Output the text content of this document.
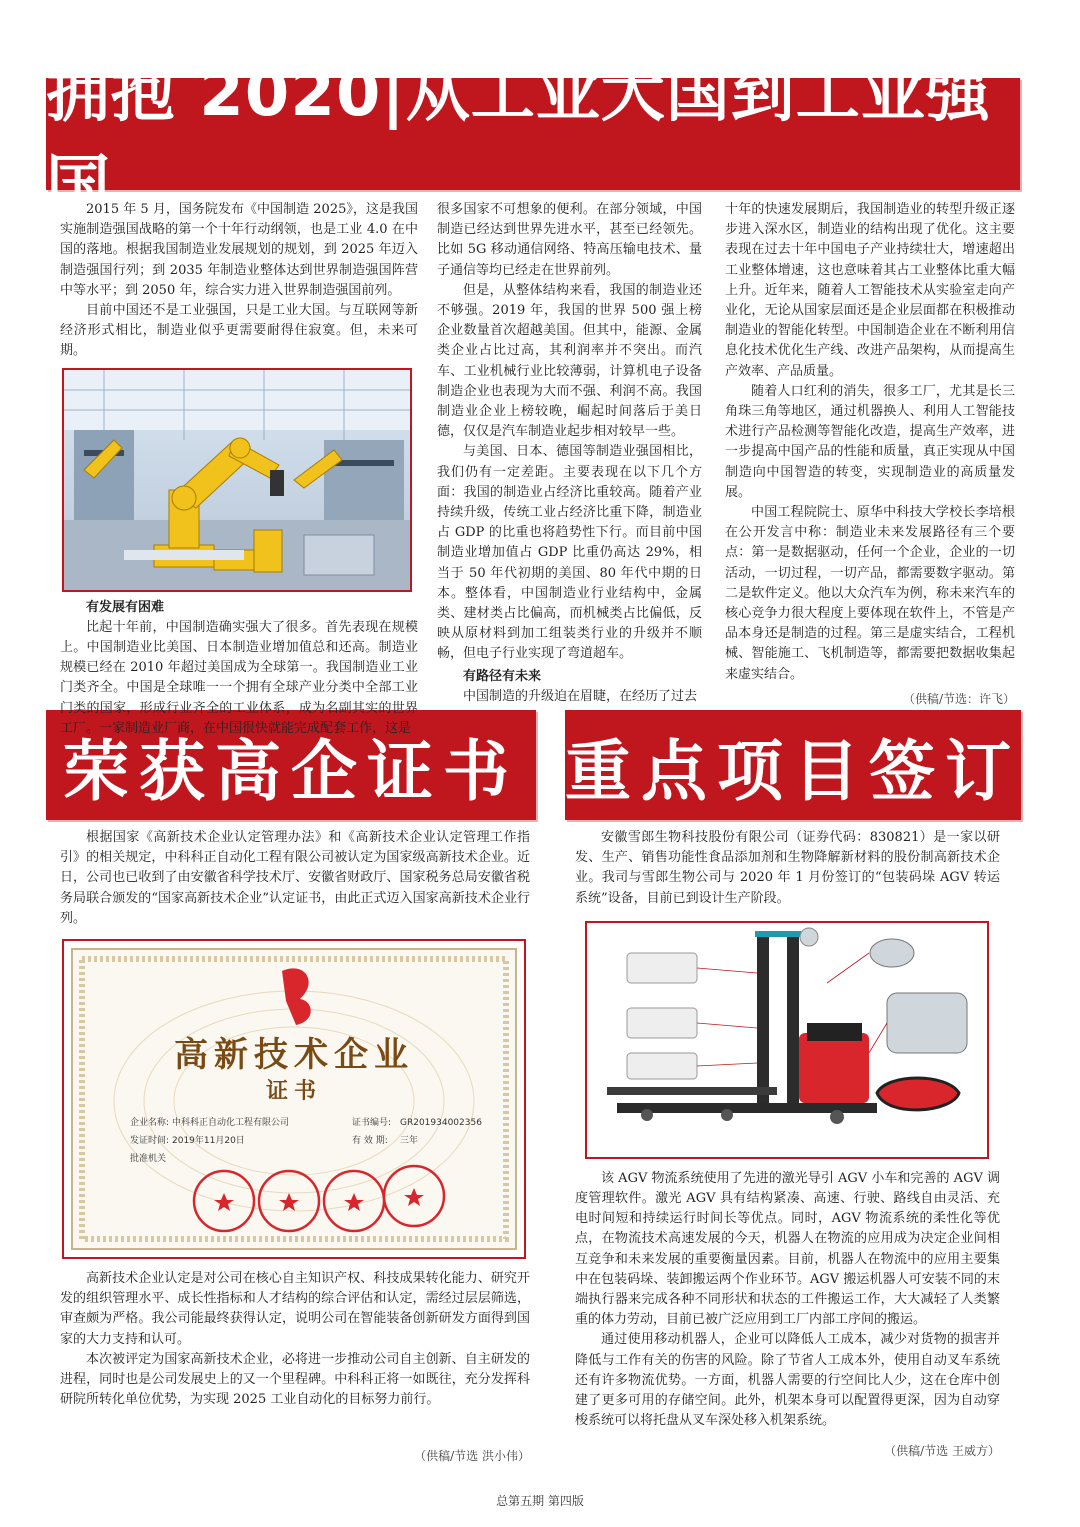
拥抱 2020|从工业大国到工业强国
荣获高企证书 重点项目签订

2015 年 5 月，国务院发布《中国制造 2025》，这是我国实施制造强国战略的第一个十年行动纲领，也是工业 4.0 在中国的落地。根据我国制造业发展规划的规划，到 2025 年迈入制造强国行列；到 2035 年制造业整体达到世界制造强国阵营中等水平；到 2050 年，综合实力进入世界制造强国前列。

目前中国还不是工业强国，只是工业大国。与互联网等新经济形式相比，制造业似乎更需要耐得住寂寞。但，未来可期。

有发展有困难

比起十年前，中国制造确实强大了很多。首先表现在规模上。中国制造业比美国、日本制造业增加值总和还高。制造业规模已经在 2010 年超过美国成为全球第一。我国制造业工业门类齐全。中国是全球唯一一个拥有全球产业分类中全部工业门类的国家，形成行业齐全的工业体系，成为名副其实的世界工厂。一家制造业厂商，在中国很快就能完成配套工作，这是

很多国家不可想象的便利。在部分领域，中国制造已经达到世界先进水平，甚至已经领先。比如 5G 移动通信网络、特高压输电技术、量子通信等均已经走在世界前列。

但是，从整体结构来看，我国的制造业还不够强。2019 年，我国的世界 500 强上榜企业数量首次超越美国。但其中，能源、金属类企业占比过高，其利润率并不突出。而汽车、工业机械行业比较薄弱，计算机电子设备制造企业也表现为大而不强、利润不高。我国制造业企业上榜较晚，崛起时间落后于美日德，仅仅是汽车制造业起步相对较早一些。

与美国、日本、德国等制造业强国相比，我们仍有一定差距。主要表现在以下几个方面：我国的制造业占经济比重较高。随着产业持续升级，传统工业占经济比重下降，制造业占 GDP 的比重也将趋势性下行。而目前中国制造业增加值占 GDP 比重仍高达 29%，相当于 50 年代初期的美国、80 年代中期的日本。整体看，中国制造业行业结构中，金属类、建材类占比偏高，而机械类占比偏低，反映从原材料到加工组装类行业的升级并不顺畅，但电子行业实现了弯道超车。

有路径有未来

中国制造的升级迫在眉睫，在经历了过去

十年的快速发展期后，我国制造业的转型升级正逐步进入深水区，制造业的结构出现了优化。这主要表现在过去十年中国电子产业持续壮大，增速超出工业整体增速，这也意味着其占工业整体比重大幅上升。近年来，随着人工智能技术从实验室走向产业化，无论从国家层面还是企业层面都在积极推动制造业的智能化转型。中国制造企业在不断利用信息化技术优化生产线、改进产品架构，从而提高生产效率、产品质量。

随着人口红利的消失，很多工厂，尤其是长三角珠三角等地区，通过机器换人、利用人工智能技术进行产品检测等智能化改造，提高生产效率，进一步提高中国产品的性能和质量，真正实现从中国制造向中国智造的转变，实现制造业的高质量发展。

中国工程院院士、原华中科技大学校长李培根在公开发言中称：制造业未来发展路径有三个要点：第一是数据驱动，任何一个企业，企业的一切活动，一切过程，一切产品，都需要数字驱动。第二是软件定义。他以大众汽车为例，称未来汽车的核心竞争力很大程度上要体现在软件上，不管是产品本身还是制造的过程。第三是虚实结合，工程机械、智能施工、飞机制造等，都需要把数据收集起来虚实结合。

（供稿/节选：许飞）

根据国家《高新技术企业认定管理办法》和《高新技术企业认定管理工作指引》的相关规定，中科科正自动化工程有限公司被认定为国家级高新技术企业。近日，公司也已收到了由安徽省科学技术厅、安徽省财政厅、国家税务总局安徽省税务局联合颁发的“国家高新技术企业”认定证书，由此正式迈入国家高新技术企业行列。

高新技术企业
证书
企业名称: 中科科正自动化工程有限公司	证书编号: GR201934002356
发证时间: 2019年11月20日	有 效 期: 三年
批准机关

高新技术企业认定是对公司在核心自主知识产权、科技成果转化能力、研究开发的组织管理水平、成长性指标和人才结构的综合评估和认定，需经过层层筛选，审查颇为严格。我公司能最终获得认定，说明公司在智能装备创新研发方面得到国家的大力支持和认可。

本次被评定为国家高新技术企业，必将进一步推动公司自主创新、自主研发的进程，同时也是公司发展史上的又一个里程碑。中科科正将一如既往，充分发挥科研院所转化单位优势，为实现 2025 工业自动化的目标努力前行。

（供稿/节选 洪小伟）

安徽雪郎生物科技股份有限公司（证券代码：830821）是一家以研发、生产、销售功能性食品添加剂和生物降解新材料的股份制高新技术企业。我司与雪郎生物公司与 2020 年 1 月份签订的“包装码垛 AGV 转运系统”设备，目前已到设计生产阶段。

该 AGV 物流系统使用了先进的激光导引 AGV 小车和完善的 AGV 调度管理软件。激光 AGV 具有结构紧凑、高速、行驶、路线自由灵活、充电时间短和持续运行时间长等优点。同时，AGV 物流系统的柔性化等优点，在物流技术高速发展的今天，机器人在物流的应用成为决定企业间相互竞争和未来发展的重要衡量因素。目前，机器人在物流中的应用主要集中在包装码垛、装卸搬运两个作业环节。AGV 搬运机器人可安装不同的末端执行器来完成各种不同形状和状态的工件搬运工作，大大减轻了人类繁重的体力劳动，目前已被广泛应用到工厂内部工序间的搬运。

通过使用移动机器人，企业可以降低人工成本，减少对货物的损害并降低与工作有关的伤害的风险。除了节省人工成本外，使用自动叉车系统还有许多物流优势。一方面，机器人需要的行空间比人少，这在仓库中创建了更多可用的存储空间。此外，机架本身可以配置得更深，因为自动穿梭系统可以将托盘从叉车深处移入机架系统。

（供稿/节选 王威方）
总第五期 第四版
